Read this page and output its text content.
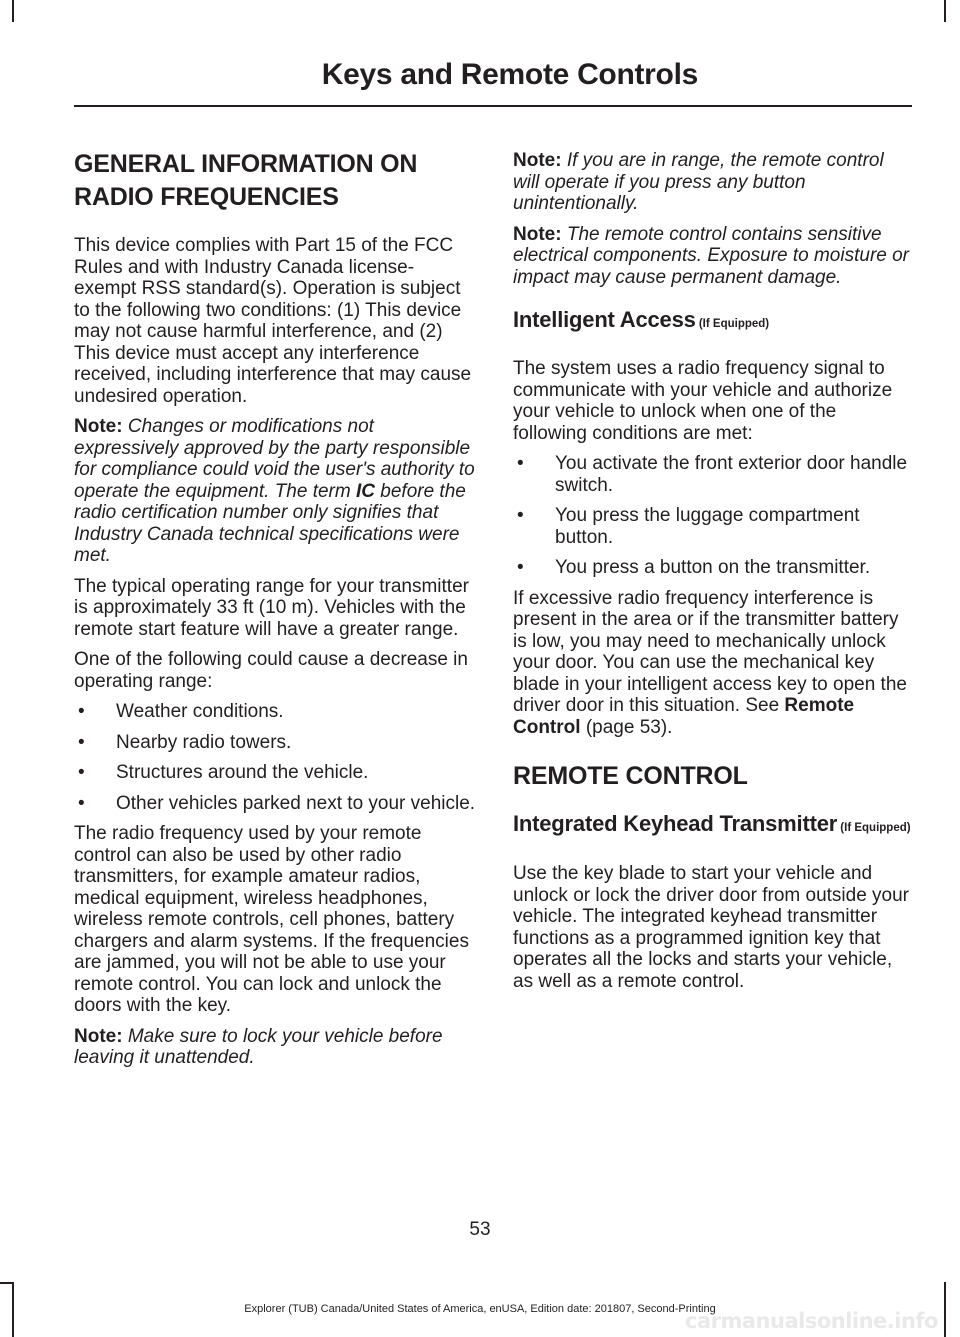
Keys and Remote Controls
GENERAL INFORMATION ON
RADIO FREQUENCIES

This device complies with Part 15 of the FCC Rules and with Industry Canada license-exempt RSS standard(s). Operation is subject to the following two conditions: (1) This device may not cause harmful interference, and (2) This device must accept any interference received, including interference that may cause undesired operation.

Note: Changes or modifications not expressively approved by the party responsible for compliance could void the user's authority to operate the equipment. The term IC before the radio certification number only signifies that Industry Canada technical specifications were met.

The typical operating range for your transmitter is approximately 33 ft (10 m). Vehicles with the remote start feature will have a greater range.

One of the following could cause a decrease in operating range:

• Weather conditions.
• Nearby radio towers.
• Structures around the vehicle.
• Other vehicles parked next to your vehicle.

The radio frequency used by your remote control can also be used by other radio transmitters, for example amateur radios, medical equipment, wireless headphones, wireless remote controls, cell phones, battery chargers and alarm systems. If the frequencies are jammed, you will not be able to use your remote control. You can lock and unlock the doors with the key.

Note: Make sure to lock your vehicle before leaving it unattended.

Note: If you are in range, the remote control will operate if you press any button unintentionally.

Note: The remote control contains sensitive electrical components. Exposure to moisture or impact may cause permanent damage.

Intelligent Access (If Equipped)

The system uses a radio frequency signal to communicate with your vehicle and authorize your vehicle to unlock when one of the following conditions are met:

• You activate the front exterior door handle switch.
• You press the luggage compartment button.
• You press a button on the transmitter.

If excessive radio frequency interference is present in the area or if the transmitter battery is low, you may need to mechanically unlock your door. You can use the mechanical key blade in your intelligent access key to open the driver door in this situation. See Remote Control (page 53).

REMOTE CONTROL
Integrated Keyhead Transmitter (If Equipped)

Use the key blade to start your vehicle and unlock or lock the driver door from outside your vehicle. The integrated keyhead transmitter functions as a programmed ignition key that operates all the locks and starts your vehicle, as well as a remote control.

53
Explorer (TUB) Canada/United States of America, enUSA, Edition date: 201807, Second-Printing
carmanualsonline.info
